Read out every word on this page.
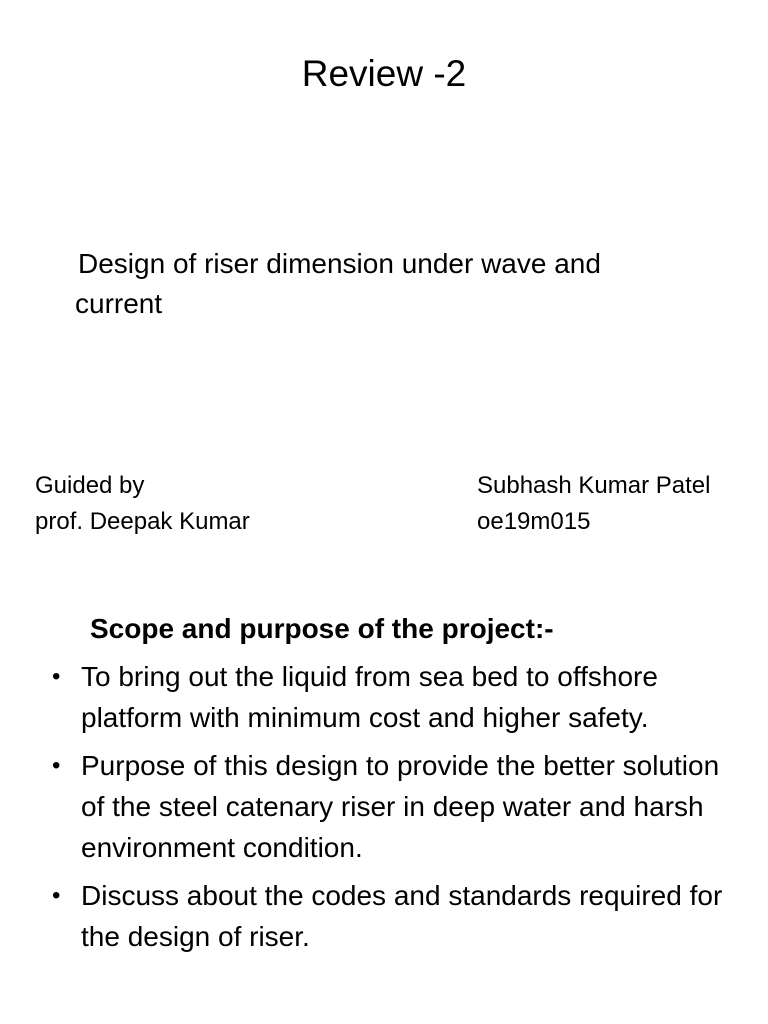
Review -2
Design of riser dimension under wave and current
Guided by
prof. Deepak Kumar
Subhash Kumar Patel
oe19m015
Scope and purpose of the project:-
• To bring out the liquid from sea bed to offshore platform with minimum cost and higher safety.
• Purpose of this design to provide the better solution of the steel catenary riser in deep water and harsh environment condition.
• Discuss about the codes and standards required for the design of riser.
